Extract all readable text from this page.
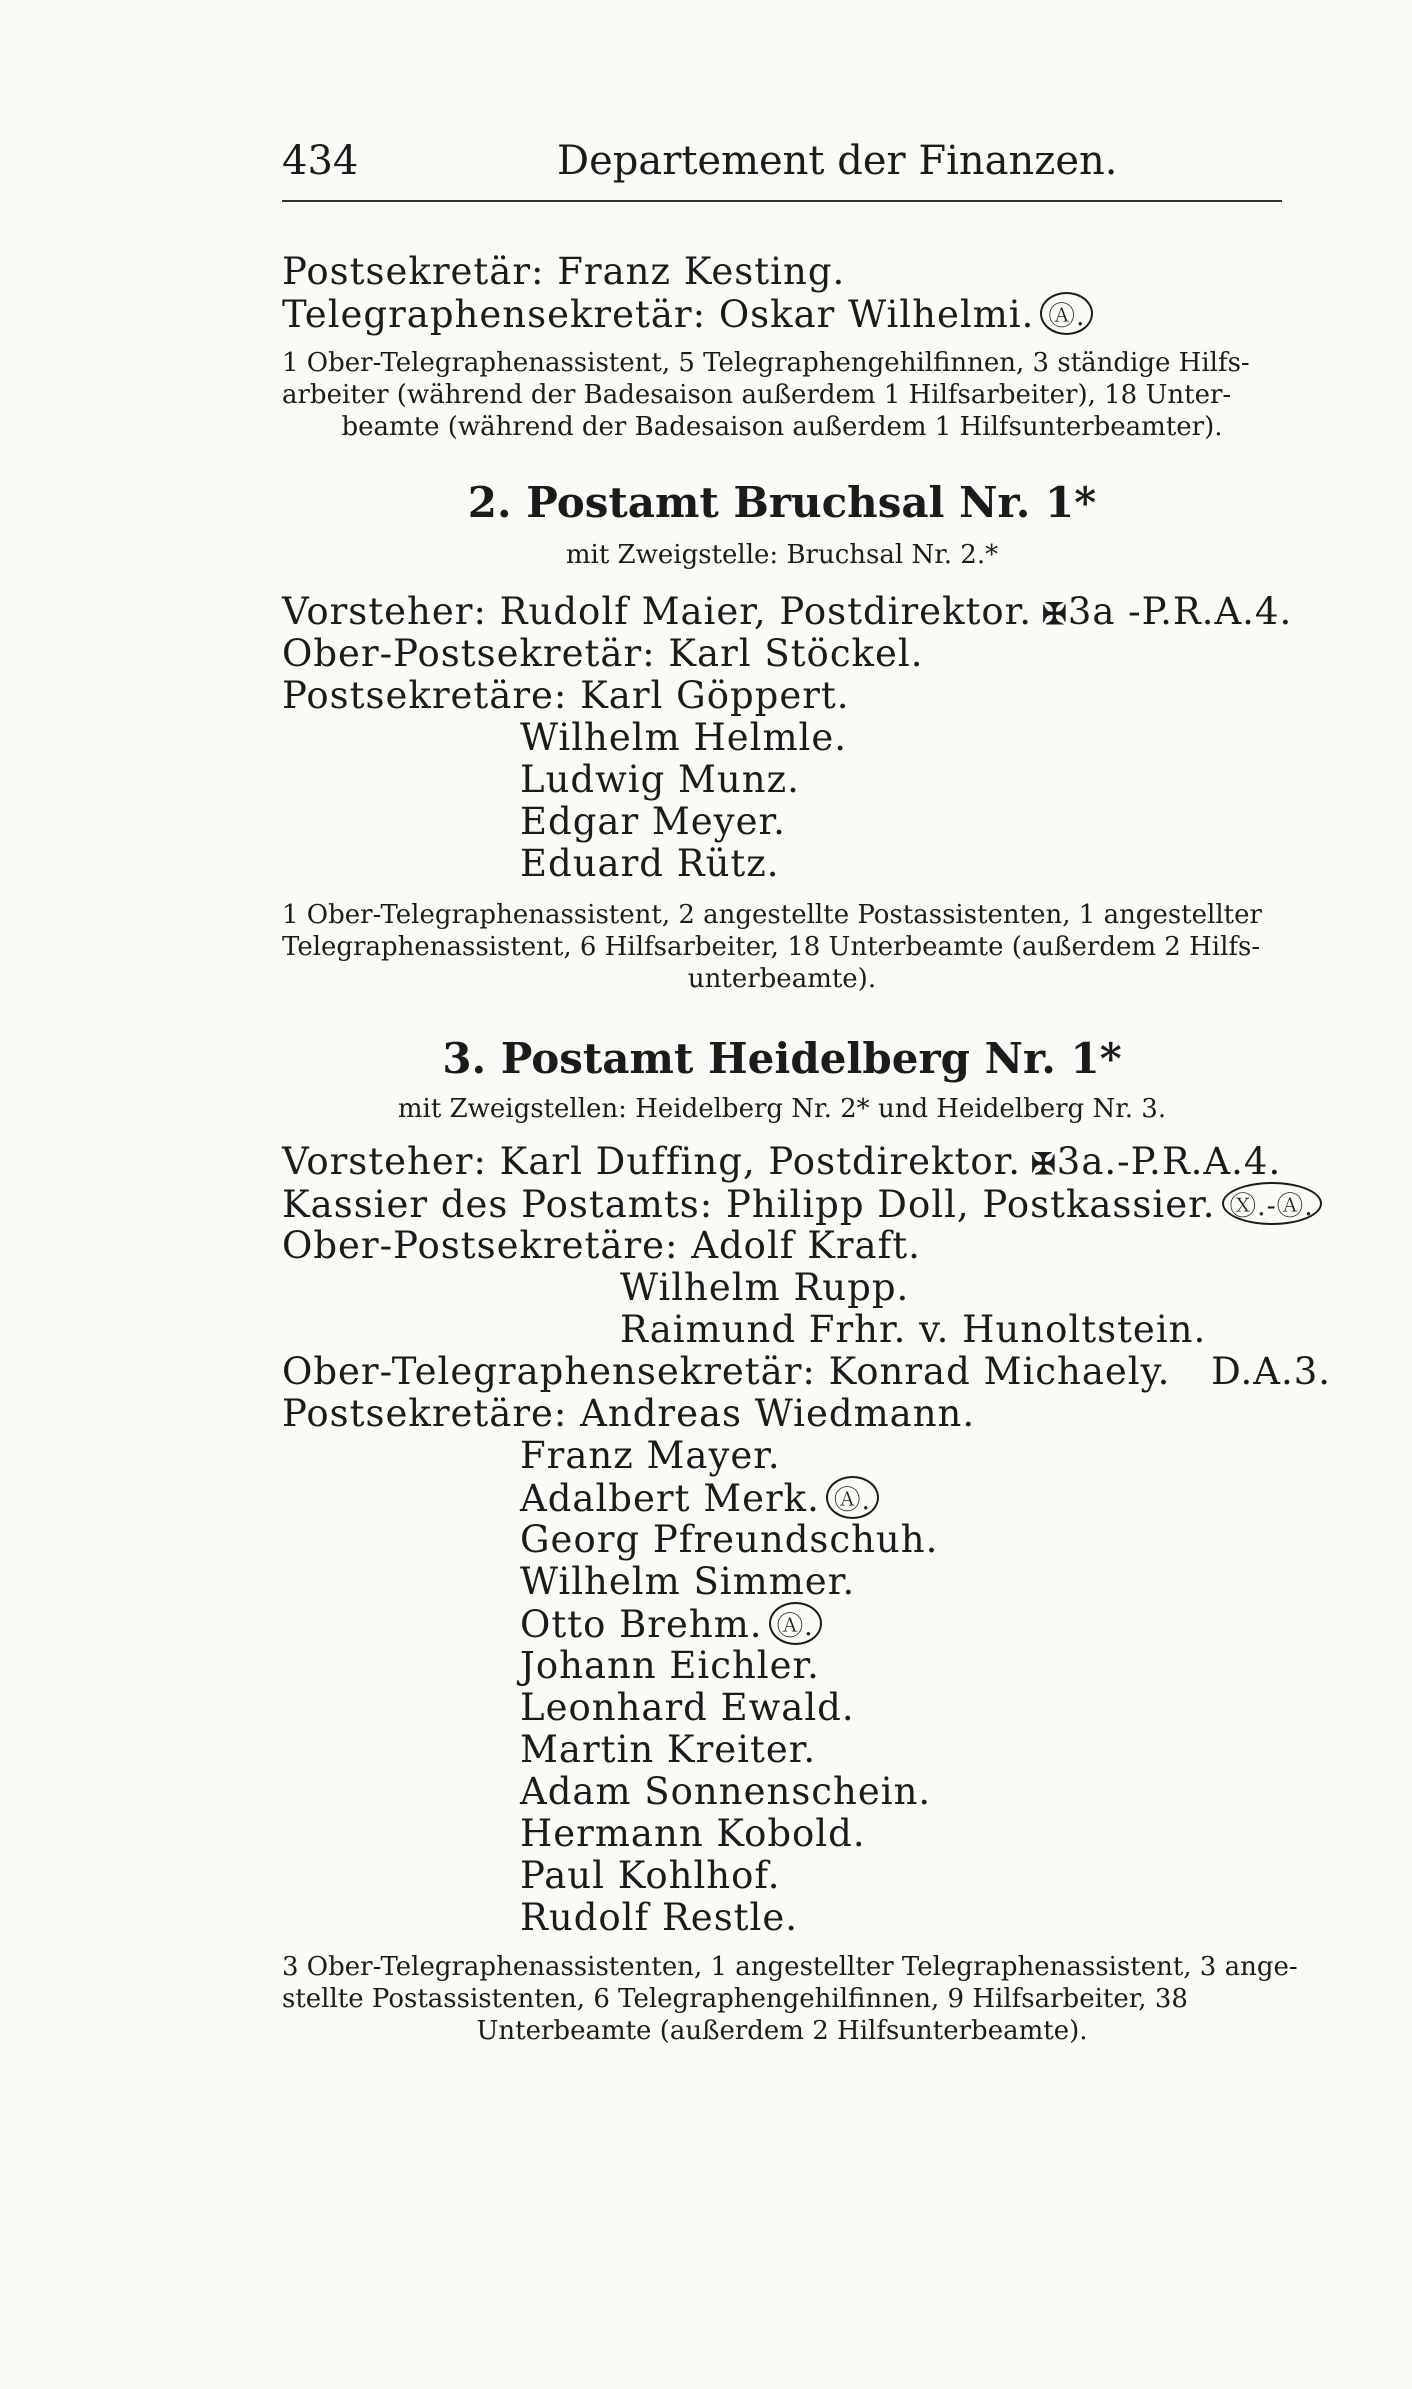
434	Departement der Finanzen.
Postsekretär: Franz Kesting.
Telegraphensekretär: Oskar Wilhelmi. Ⓐ.
1 Ober-Telegraphenassistent, 5 Telegraphengehilfinnen, 3 ständige Hilfs-
arbeiter (während der Badesaison außerdem 1 Hilfsarbeiter), 18 Unter-
beamte (während der Badesaison außerdem 1 Hilfsunterbeamter).
2. Postamt Bruchsal Nr. 1*
mit Zweigstelle: Bruchsal Nr. 2.*
Vorsteher: Rudolf Maier, Postdirektor. ✠3a -P.R.A.4.
Ober-Postsekretär: Karl Stöckel.
Postsekretäre: Karl Göppert.
Wilhelm Helmle.
Ludwig Munz.
Edgar Meyer.
Eduard Rütz.
1 Ober-Telegraphenassistent, 2 angestellte Postassistenten, 1 angestellter
Telegraphenassistent, 6 Hilfsarbeiter, 18 Unterbeamte (außerdem 2 Hilfs-
unterbeamte).
3. Postamt Heidelberg Nr. 1*
mit Zweigstellen: Heidelberg Nr. 2* und Heidelberg Nr. 3.
Vorsteher: Karl Duffing, Postdirektor. ✠3a.-P.R.A.4.
Kassier des Postamts: Philipp Doll, Postkassier. Ⓧ.-Ⓐ.
Ober-Postsekretäre: Adolf Kraft.
Wilhelm Rupp.
Raimund Frhr. v. Hunoltstein.
Ober-Telegraphensekretär: Konrad Michaely. D.A.3.
Postsekretäre: Andreas Wiedmann.
Franz Mayer.
Adalbert Merk. Ⓐ.
Georg Pfreundschuh.
Wilhelm Simmer.
Otto Brehm. Ⓐ.
Johann Eichler.
Leonhard Ewald.
Martin Kreiter.
Adam Sonnenschein.
Hermann Kobold.
Paul Kohlhof.
Rudolf Restle.
3 Ober-Telegraphenassistenten, 1 angestellter Telegraphenassistent, 3 ange-
stellte Postassistenten, 6 Telegraphengehilfinnen, 9 Hilfsarbeiter, 38
Unterbeamte (außerdem 2 Hilfsunterbeamte).
